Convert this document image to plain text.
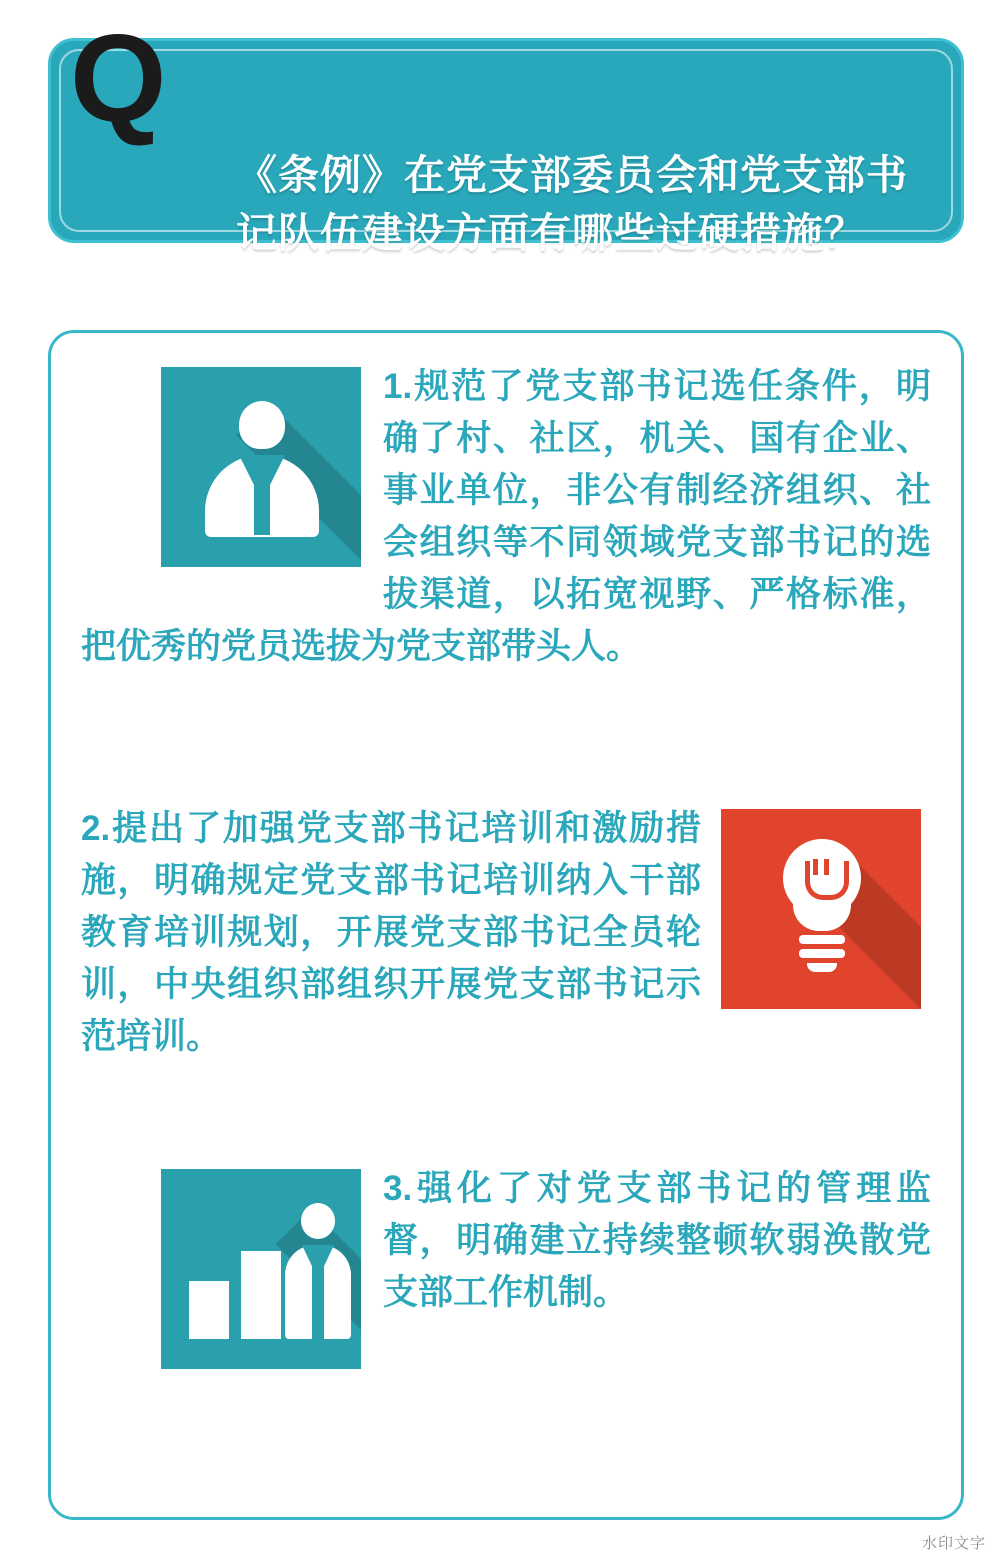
Q
《条例》在党支部委员会和党支部书记队伍建设方面有哪些过硬措施？
1.规范了党支部书记选任条件，明确了村、社区，机关、国有企业、事业单位，非公有制经济组织、社会组织等不同领域党支部书记的选拔渠道，以拓宽视野、严格标准，把优秀的党员选拔为党支部带头人。
2.提出了加强党支部书记培训和激励措施，明确规定党支部书记培训纳入干部教育培训规划，开展党支部书记全员轮训，中央组织部组织开展党支部书记示范培训。
3.强化了对党支部书记的管理监督，明确建立持续整顿软弱涣散党支部工作机制。
水印文字
